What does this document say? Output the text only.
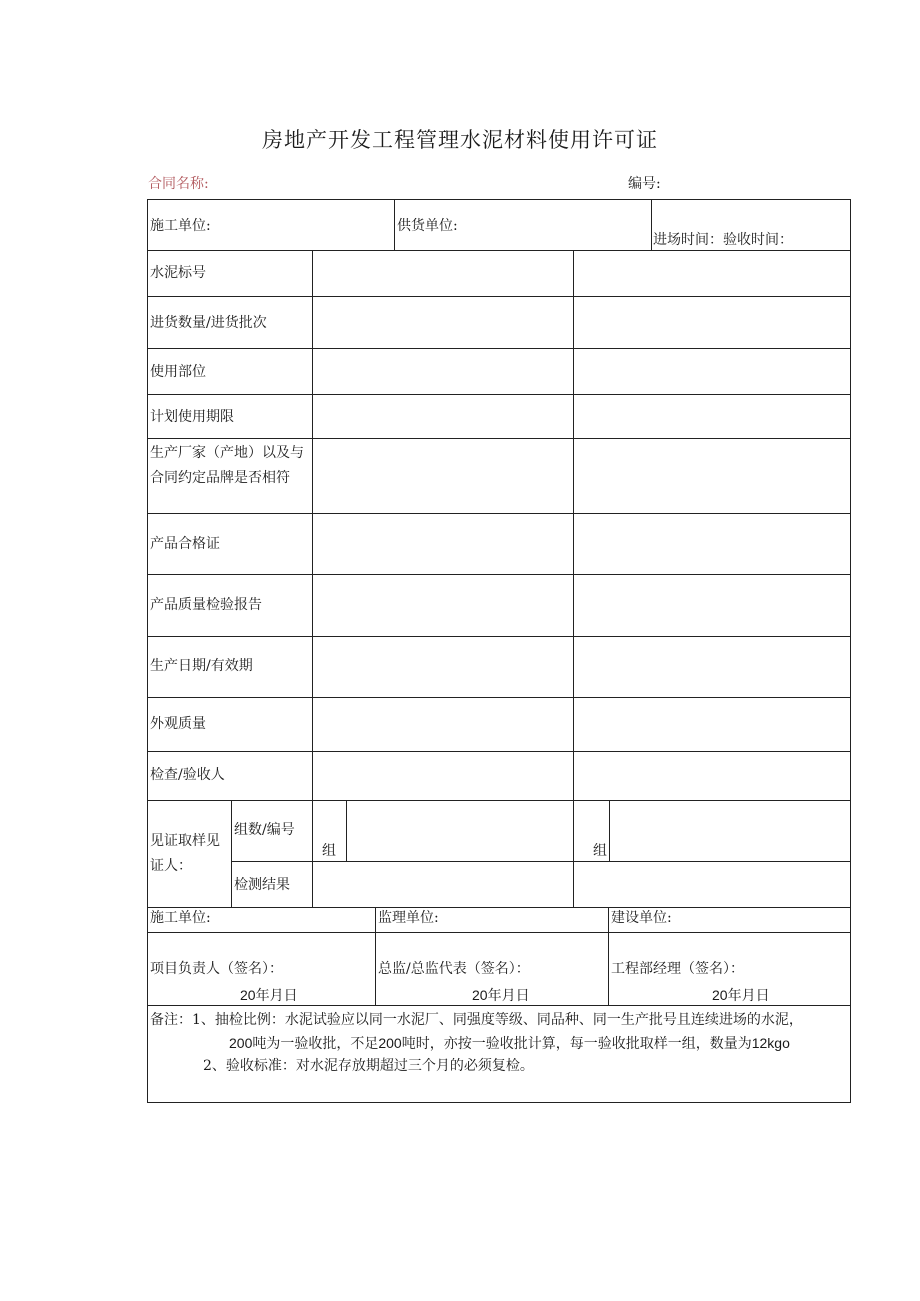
房地产开发工程管理水泥材料使用许可证
合同名称:	编号:
施工单位:	供货单位:
进场时间：验收时间：
水泥标号
进货数量/进货批次
使用部位
计划使用期限
生产厂家（产地）以及与合同约定品牌是否相符
产品合格证
产品质量检验报告
生产日期/有效期
外观质量
检查/验收人
见证取样见证人：
组数/编号
组	组
检测结果
施工单位:	监理单位:	建设单位:
项目负责人（签名）：	总监/总监代表（签名）：	工程部经理（签名）：
20年月日	20年月日	20年月日
备注：1、抽检比例：水泥试验应以同一水泥厂、同强度等级、同品种、同一生产批号且连续进场的水泥，
200吨为一验收批，不足200吨时，亦按一验收批计算，每一验收批取样一组，数量为12kgo
2、验收标准：对水泥存放期超过三个月的必须复检。
